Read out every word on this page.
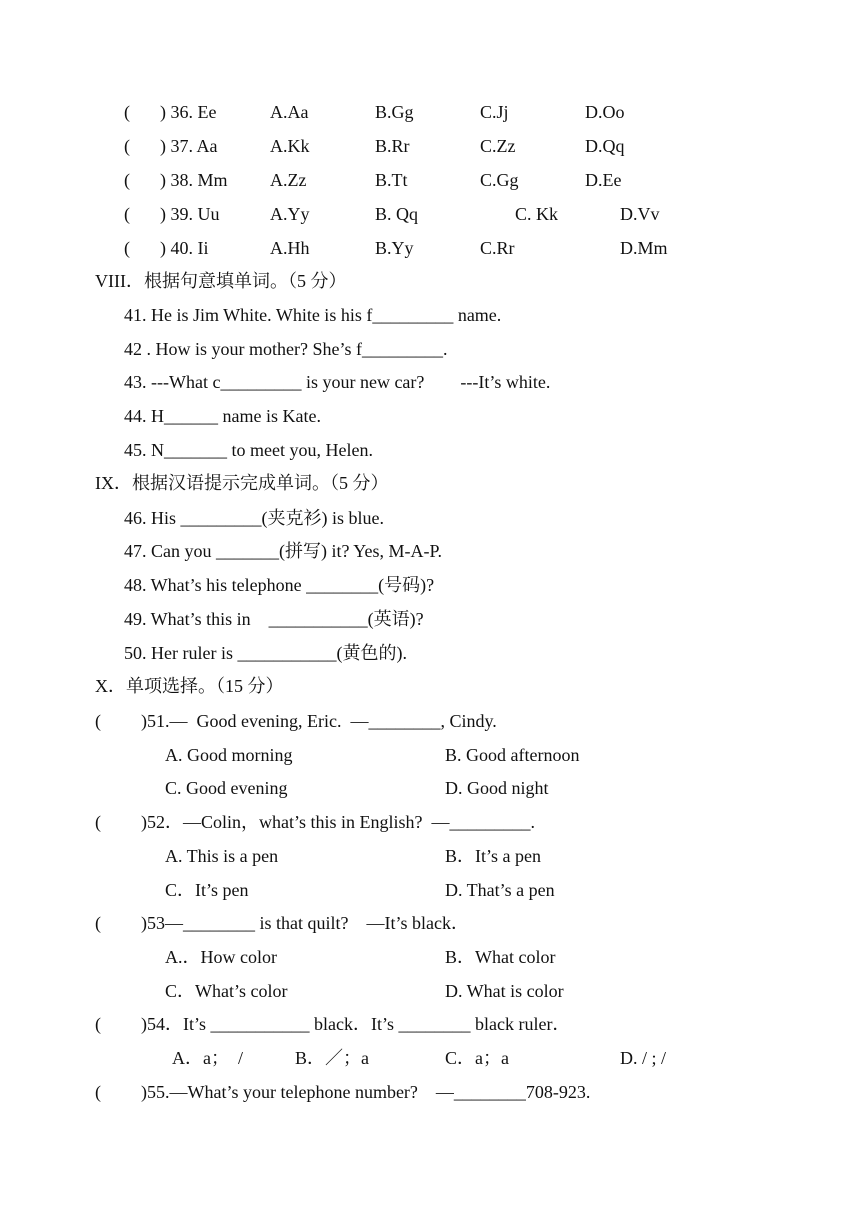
( ) 36. Ee	A.Aa	B.Gg	C.Jj	D.Oo
( ) 37. Aa	A.Kk	B.Rr	C.Zz	D.Qq
( ) 38. Mm A.Zz	B.Tt	C.Gg	D.Ee
( ) 39. Uu	A.Yy	B. Qq	C. Kk	D.Vv
( ) 40. Ii	A.Hh	B.Yy	C.Rr	D.Mm
VIII．根据句意填单词。（5 分）
41. He is Jim White. White is his f_________ name.
42 . How is your mother? She’s f_________.
43. ---What c_________ is your new car?        ---It’s white.
44. H______ name is Kate.
45. N_______ to meet you, Helen.
IX．根据汉语提示完成单词。（5 分）
46. His _________(夹克衫) is blue.
47. Can you _______(拼写) it? Yes, M-A-P.
48. What’s his telephone ________(号码)?
49. What’s this in    ___________(英语)?
50. Her ruler is ___________(黄色的).
X．单项选择。（15 分）
( )51.—  Good evening, Eric.  —________, Cindy.
A. Good morning	B. Good afternoon
C. Good evening	D. Good night
( )52．—Colin，what’s this in English?  —_________.
A. This is a pen	B．It’s a pen
C．It’s pen	D. That’s a pen
( )53—________ is that quilt?    —It’s black．
A.．How color	B．What color
C．What’s color	D. What is color
( )54．It’s ___________ black．It’s ________ black ruler．
A．a；  /	B．／；a	C．a；a	D. / ; /
( )55.—What’s your telephone number?    —________708-923.
